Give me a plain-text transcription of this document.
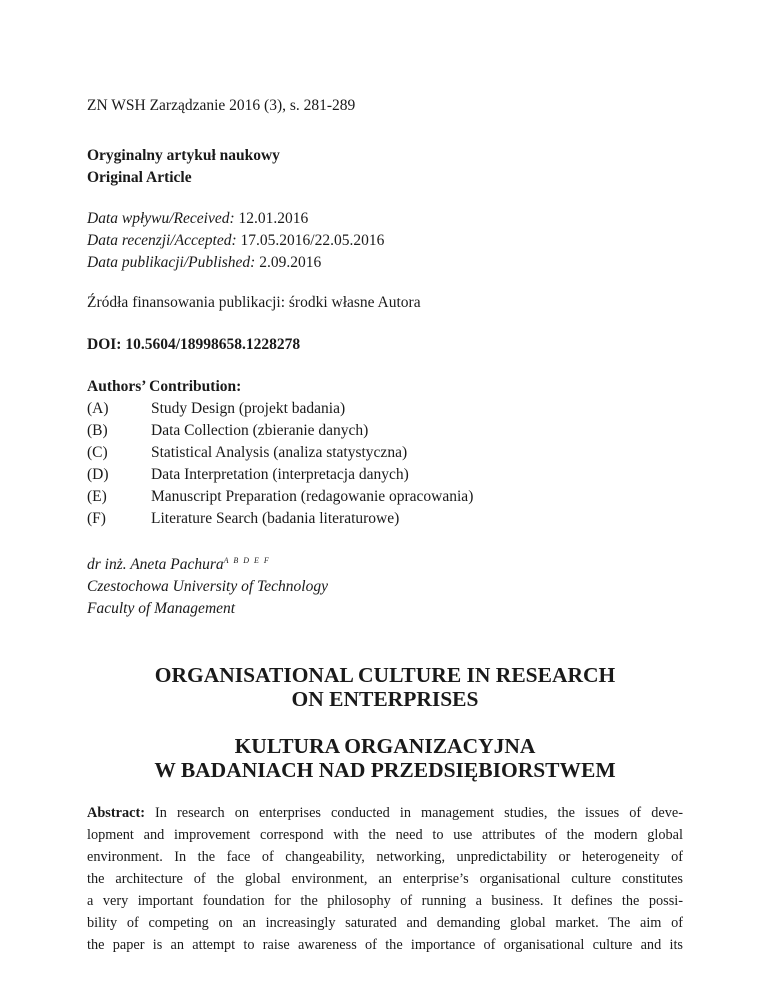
ZN WSH Zarządzanie 2016 (3), s. 281-289
Oryginalny artykuł naukowy
Original Article
Data wpływu/Received: 12.01.2016
Data recenzji/Accepted: 17.05.2016/22.05.2016
Data publikacji/Published: 2.09.2016
Źródła finansowania publikacji: środki własne Autora
DOI: 10.5604/18998658.1228278
Authors’ Contribution:
(A)	Study Design (projekt badania)
(B)	Data Collection (zbieranie danych)
(C)	Statistical Analysis (analiza statystyczna)
(D)	Data Interpretation (interpretacja danych)
(E)	Manuscript Preparation (redagowanie opracowania)
(F)	Literature Search (badania literaturowe)
dr inż. Aneta Pachura$^{A B D E F}$
Czestochowa University of Technology
Faculty of Management
ORGANISATIONAL CULTURE IN RESEARCH
ON ENTERPRISES
KULTURA ORGANIZACYJNA
W BADANIACH NAD PRZEDSIĘBIORSTWEM
Abstract: In research on enterprises conducted in management studies, the issues of deve-
lopment and improvement correspond with the need to use attributes of the modern global
environment. In the face of changeability, networking, unpredictability or heterogeneity of
the architecture of the global environment, an enterprise’s organisational culture constitutes
a very important foundation for the philosophy of running a business. It defines the possi-
bility of competing on an increasingly saturated and demanding global market. The aim of
the paper is an attempt to raise awareness of the importance of organisational culture and its
